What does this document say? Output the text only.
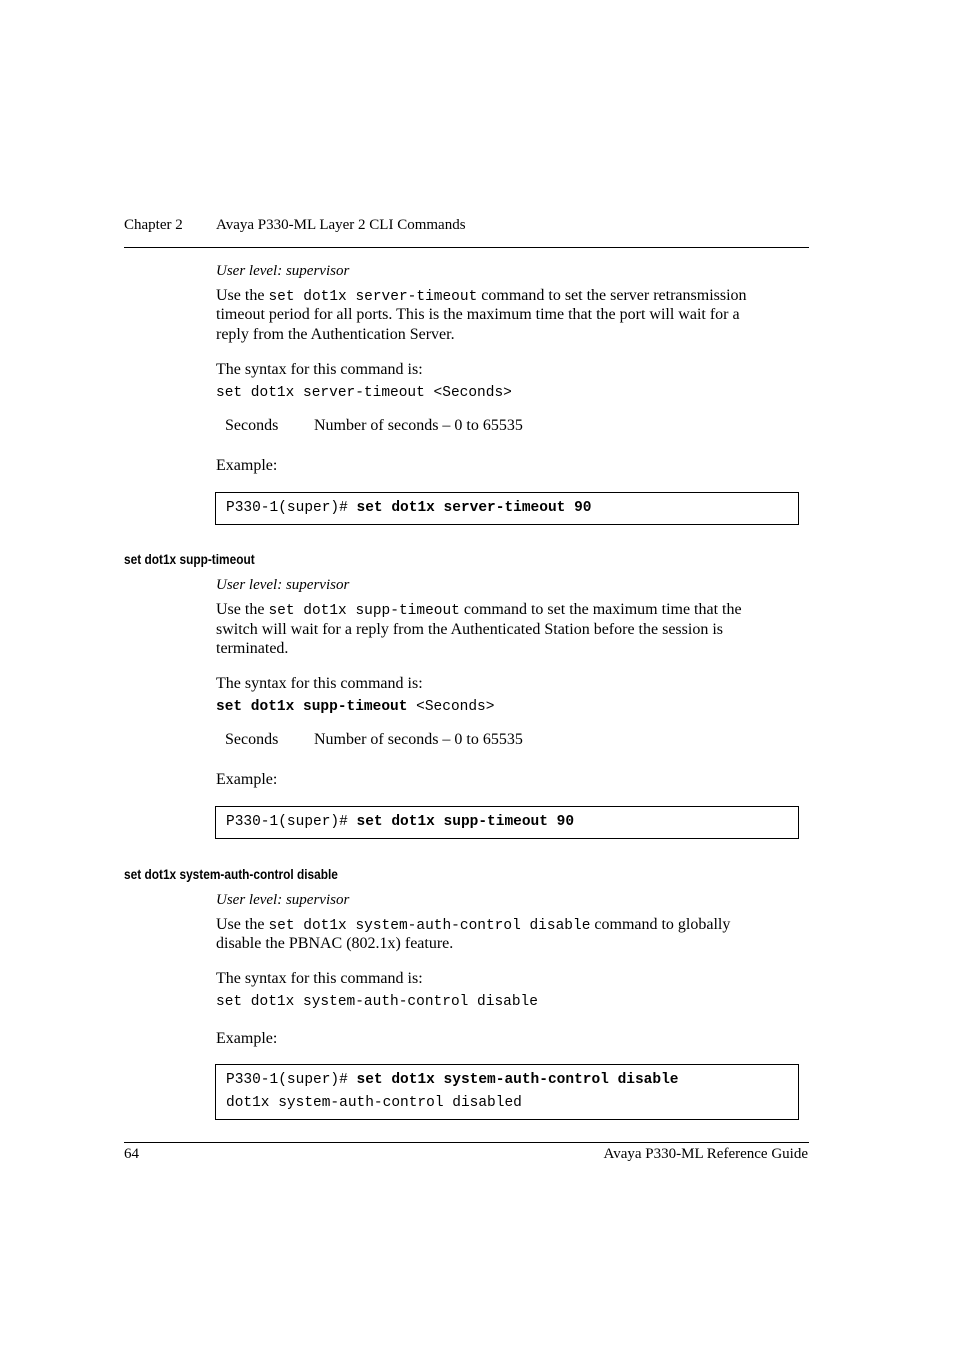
Chapter 2 Avaya P330-ML Layer 2 CLI Commands
User level: supervisor
Use the set dot1x server-timeout command to set the server retransmission
timeout period for all ports. This is the maximum time that the port will wait for a
reply from the Authentication Server.
The syntax for this command is:
set dot1x server-timeout <Seconds>
Seconds Number of seconds – 0 to 65535
Example:
P330-1(super)# set dot1x server-timeout 90
set dot1x supp-timeout
User level: supervisor
Use the set dot1x supp-timeout command to set the maximum time that the
switch will wait for a reply from the Authenticated Station before the session is
terminated.
The syntax for this command is:
set dot1x supp-timeout <Seconds>
Seconds Number of seconds – 0 to 65535
Example:
P330-1(super)# set dot1x supp-timeout 90
set dot1x system-auth-control disable
User level: supervisor
Use the set dot1x system-auth-control disable command to globally
disable the PBNAC (802.1x) feature.
The syntax for this command is:
set dot1x system-auth-control disable
Example:
P330-1(super)# set dot1x system-auth-control disable
dot1x system-auth-control disabled
64	Avaya P330-ML Reference Guide
